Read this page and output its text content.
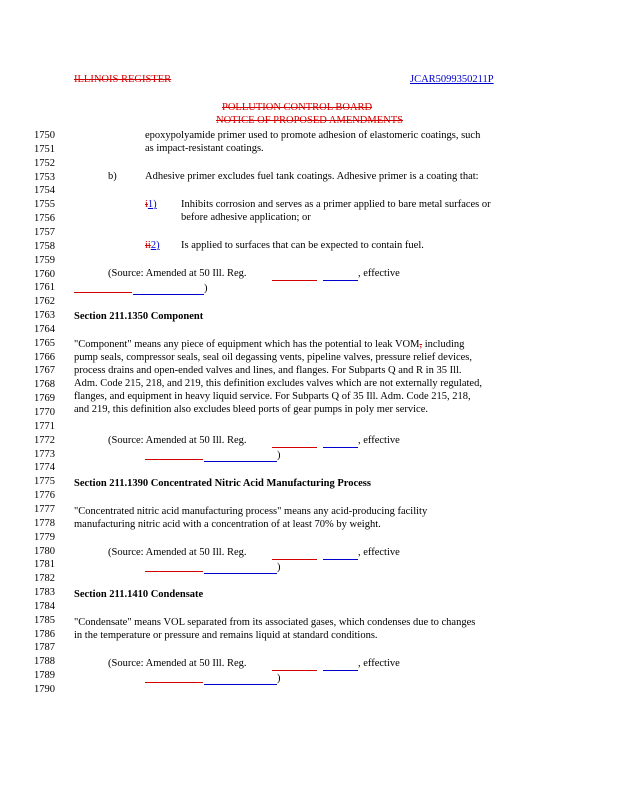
ILLINOIS REGISTER	JCAR5099350211P
POLLUTION CONTROL BOARD
NOTICE OF PROPOSED AMENDMENTS
1750
1751
1752
1753
1754
1755
1756
1757
1758
1759
1760
1761
1762
1763
1764
1765
1766
1767
1768
1769
1770
1771
1772
1773
1774
1775
1776
1777
1778
1779
1780
1781
1782
1783
1784
1785
1786
1787
1788
1789
1790
epoxypolyamide primer used to promote adhesion of elastomeric coatings, such
as impact-resistant coatings.
b)	Adhesive primer excludes fuel tank coatings. Adhesive primer is a coating that:
i1) Inhibits corrosion and serves as a primer applied to bare metal surfaces or
before adhesive application; or
ii2) Is applied to surfaces that can be expected to contain fuel.
(Source: Amended at 50 Ill. Reg.	, effective
)
Section 211.1350 Component
"Component" means any piece of equipment which has the potential to leak VOM, including
pump seals, compressor seals, seal oil degassing vents, pipeline valves, pressure relief devices,
process drains and open-ended valves and lines, and flanges. For Subparts Q and R in 35 Ill.
Adm. Code 215, 218, and 219, this definition excludes valves which are not externally regulated,
flanges, and equipment in heavy liquid service. For Subparts Q of 35 Ill. Adm. Code 215, 218,
and 219, this definition also excludes bleed ports of gear pumps in poly mer service.
(Source: Amended at 50 Ill. Reg.	, effective
)
Section 211.1390 Concentrated Nitric Acid Manufacturing Process
"Concentrated nitric acid manufacturing process" means any acid-producing facility
manufacturing nitric acid with a concentration of at least 70% by weight.
(Source: Amended at 50 Ill. Reg.	, effective
)
Section 211.1410 Condensate
"Condensate" means VOL separated from its associated gases, which condenses due to changes
in the temperature or pressure and remains liquid at standard conditions.
(Source: Amended at 50 Ill. Reg.	, effective
)
